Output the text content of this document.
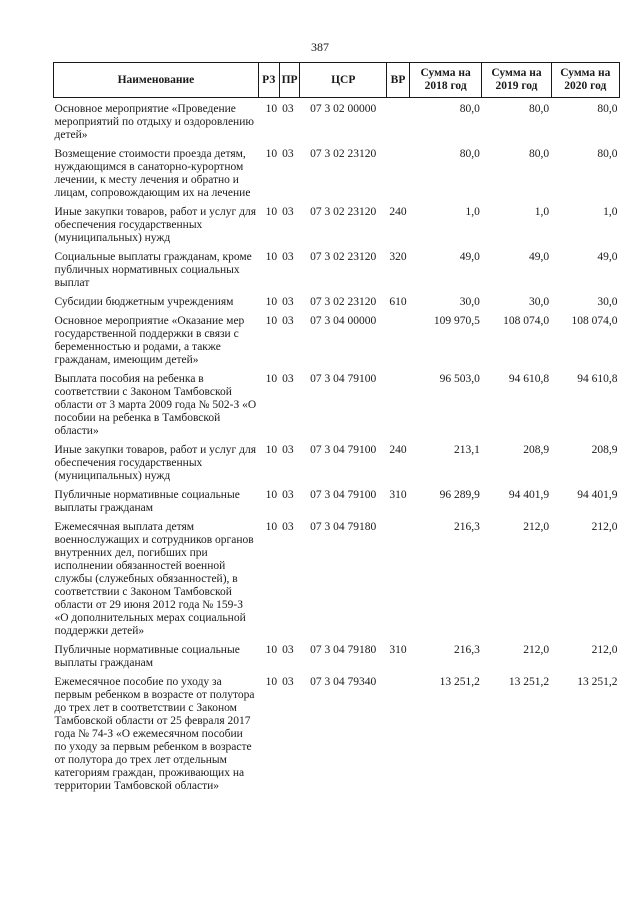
387
Наименование	РЗ	ПР	ЦСР	ВР	Сумма на 2018 год	Сумма на 2019 год	Сумма на 2020 год
Основное мероприятие «Проведение мероприятий по отдыху и оздоровлению детей»	10	03	07 3 02 00000		80,0	80,0	80,0
Возмещение стоимости проезда детям, нуждающимся в санаторно-курортном лечении, к месту лечения и обратно и лицам, сопровождающим их на лечение	10	03	07 3 02 23120		80,0	80,0	80,0
Иные закупки товаров, работ и услуг для обеспечения государственных (муниципальных) нужд	10	03	07 3 02 23120	240	1,0	1,0	1,0
Социальные выплаты гражданам, кроме публичных нормативных социальных выплат	10	03	07 3 02 23120	320	49,0	49,0	49,0
Субсидии бюджетным учреждениям	10	03	07 3 02 23120	610	30,0	30,0	30,0
Основное мероприятие «Оказание мер государственной поддержки в связи с беременностью и родами, а также гражданам, имеющим детей»	10	03	07 3 04 00000		109 970,5	108 074,0	108 074,0
Выплата пособия на ребенка в соответствии с Законом Тамбовской области от 3 марта 2009 года № 502-З «О пособии на ребенка в Тамбовской области»	10	03	07 3 04 79100		96 503,0	94 610,8	94 610,8
Иные закупки товаров, работ и услуг для обеспечения государственных (муниципальных) нужд	10	03	07 3 04 79100	240	213,1	208,9	208,9
Публичные нормативные социальные выплаты гражданам	10	03	07 3 04 79100	310	96 289,9	94 401,9	94 401,9
Ежемесячная выплата детям военнослужащих и сотрудников органов внутренних дел, погибших при исполнении обязанностей военной службы (служебных обязанностей), в соответствии с Законом Тамбовской области от 29 июня 2012 года № 159-З «О дополнительных мерах социальной поддержки детей»	10	03	07 3 04 79180		216,3	212,0	212,0
Публичные нормативные социальные выплаты гражданам	10	03	07 3 04 79180	310	216,3	212,0	212,0
Ежемесячное пособие по уходу за первым ребенком в возрасте от полутора до трех лет в соответствии с Законом Тамбовской области от 25 февраля 2017 года № 74-З «О ежемесячном пособии по уходу за первым ребенком в возрасте от полутора до трех лет отдельным категориям граждан, проживающих на территории Тамбовской области»	10	03	07 3 04 79340		13 251,2	13 251,2	13 251,2
